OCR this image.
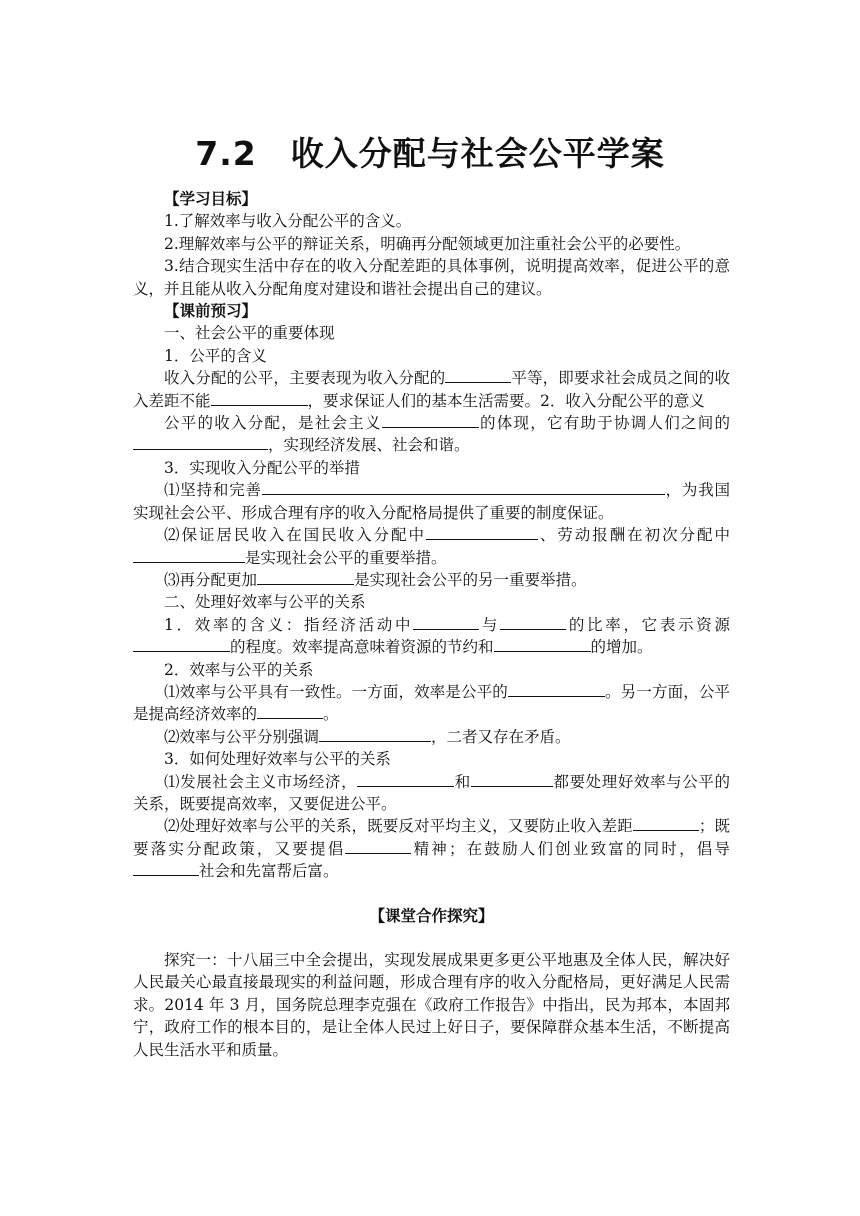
7.2　收入分配与社会公平学案

【学习目标】

1.了解效率与收入分配公平的含义。

2.理解效率与公平的辩证关系，明确再分配领域更加注重社会公平的必要性。

3.结合现实生活中存在的收入分配差距的具体事例，说明提高效率，促进公平的意义，并且能从收入分配角度对建设和谐社会提出自己的建议。

【课前预习】

一、社会公平的重要体现

1．公平的含义

收入分配的公平，主要表现为收入分配的	平等，即要求社会成员之间的收入差距不能	，要求保证人们的基本生活需要。2．收入分配公平的意义

公平的收入分配，是社会主义	的体现，它有助于协调人们之间的，实现经济发展、社会和谐。

3．实现收入分配公平的举措

⑴坚持和完善	，为我国实现社会公平、形成合理有序的收入分配格局提供了重要的制度保证。

⑵保证居民收入在国民收入分配中	、劳动报酬在初次分配中是实现社会公平的重要举措。

⑶再分配更加	是实现社会公平的另一重要举措。

二、处理好效率与公平的关系

1．效率的含义：指经济活动中	与	的比率，它表示资源的程度。效率提高意味着资源的节约和	的增加。

2．效率与公平的关系

⑴效率与公平具有一致性。一方面，效率是公平的	。另一方面，公平是提高经济效率的	。

⑵效率与公平分别强调	，二者又存在矛盾。

3．如何处理好效率与公平的关系

⑴发展社会主义市场经济，	和	都要处理好效率与公平的关系，既要提高效率，又要促进公平。

⑵处理好效率与公平的关系，既要反对平均主义，又要防止收入差距	；既要落实分配政策，又要提倡	精神；在鼓励人们创业致富的同时，倡导社会和先富帮后富。

【课堂合作探究】

探究一：十八届三中全会提出，实现发展成果更多更公平地惠及全体人民，解决好人民最关心最直接最现实的利益问题，形成合理有序的收入分配格局，更好满足人民需求。2014 年 3 月，国务院总理李克强在《政府工作报告》中指出，民为邦本，本固邦宁，政府工作的根本目的，是让全体人民过上好日子，要保障群众基本生活，不断提高人民生活水平和质量。
